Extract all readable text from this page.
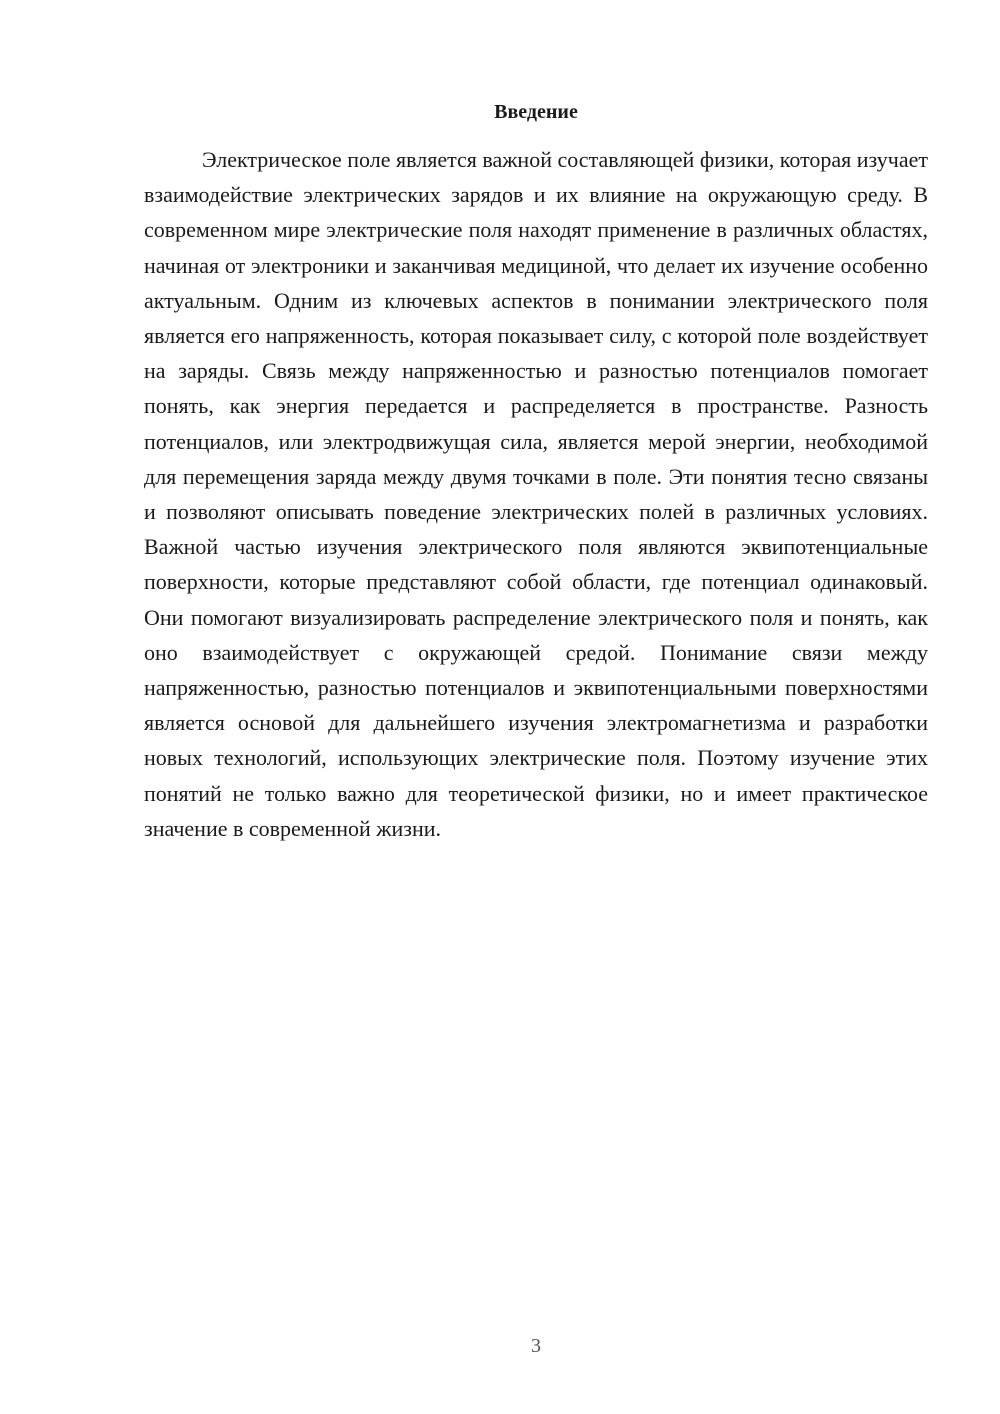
Введение

Электрическое поле является важной составляющей физики, которая изучает взаимодействие электрических зарядов и их влияние на окружающую среду. В современном мире электрические поля находят применение в различных областях, начиная от электроники и заканчивая медициной, что делает их изучение особенно актуальным. Одним из ключевых аспектов в понимании электрического поля является его напряженность, которая показывает силу, с которой поле воздействует на заряды. Связь между напряженностью и разностью потенциалов помогает понять, как энергия передается и распределяется в пространстве. Разность потенциалов, или электродвижущая сила, является мерой энергии, необходимой для перемещения заряда между двумя точками в поле. Эти понятия тесно связаны и позволяют описывать поведение электрических полей в различных условиях. Важной частью изучения электрического поля являются эквипотенциальные поверхности, которые представляют собой области, где потенциал одинаковый. Они помогают визуализировать распределение электрического поля и понять, как оно взаимодействует с окружающей средой. Понимание связи между напряженностью, разностью потенциалов и эквипотенциальными поверхностями является основой для дальнейшего изучения электромагнетизма и разработки новых технологий, использующих электрические поля. Поэтому изучение этих понятий не только важно для теоретической физики, но и имеет практическое значение в современной жизни.

3
